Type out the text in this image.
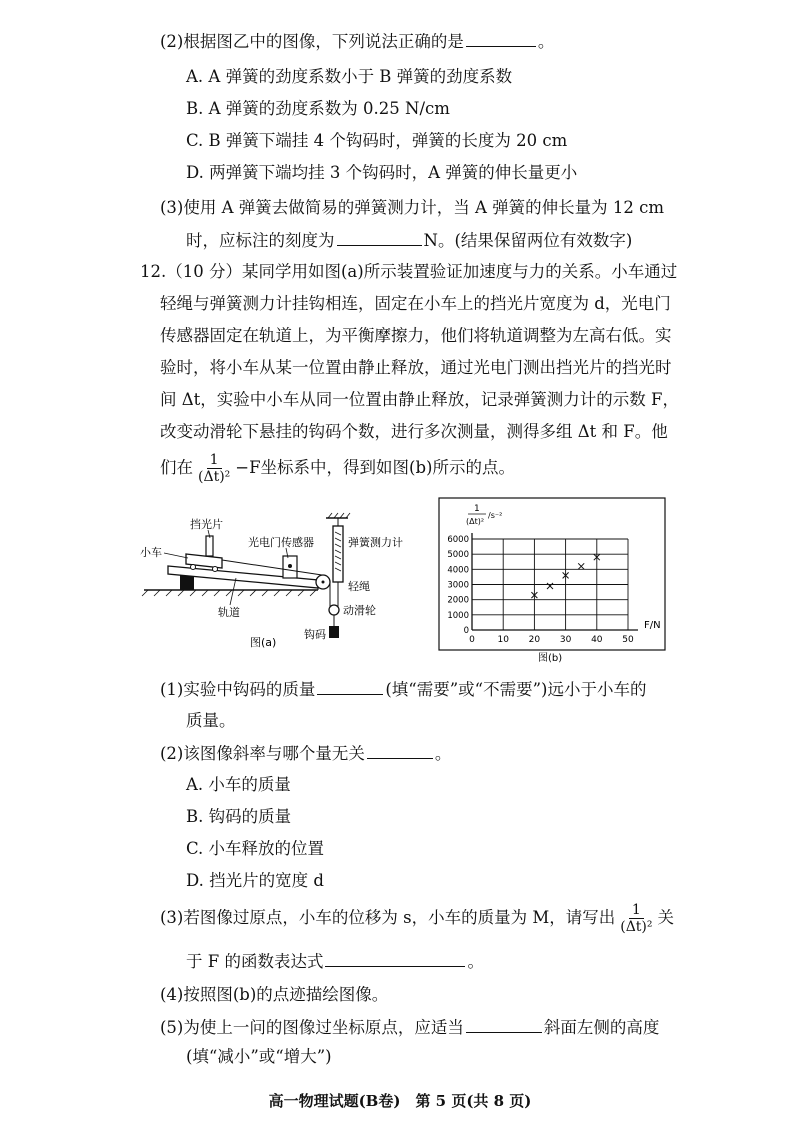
(2)根据图乙中的图像，下列说法正确的是	。
A. A 弹簧的劲度系数小于 B 弹簧的劲度系数
B. A 弹簧的劲度系数为 0.25 N/cm
C. B 弹簧下端挂 4 个钩码时，弹簧的长度为 20 cm
D. 两弹簧下端均挂 3 个钩码时，A 弹簧的伸长量更小
(3)使用 A 弹簧去做简易的弹簧测力计，当 A 弹簧的伸长量为 12 cm
时，应标注的刻度为	N。(结果保留两位有效数字)
12.（10 分）某同学用如图(a)所示装置验证加速度与力的关系。小车通过
轻绳与弹簧测力计挂钩相连，固定在小车上的挡光片宽度为 d，光电门
传感器固定在轨道上，为平衡摩擦力，他们将轨道调整为左高右低。实
验时，将小车从某一位置由静止释放，通过光电门测出挡光片的挡光时
间 Δt，实验中小车从同一位置由静止释放，记录弹簧测力计的示数 F，
改变动滑轮下悬挂的钩码个数，进行多次测量，测得多组 Δt 和 F。他
们在 $\frac{1}{\text{(Δt)²}} -F$坐标系中，得到如图(b)所示的点。
挡光片
小车
光电门传感器	弹簧测力计
轻绳
轨道	动滑轮
钩码
图(a)
1
(Δt)²
/s⁻²
F/N
图(b)
0
1000
2000
3000
4000
5000
6000
0	10 20 30 40 50
(1)实验中钩码的质量	(填“需要”或“不需要”)远小于小车的
质量。
(2)该图像斜率与哪个量无关	。
A. 小车的质量
B. 钩码的质量
C. 小车释放的位置
D. 挡光片的宽度 d
(3)若图像过原点，小车的位移为 s，小车的质量为 M，请写出 $\frac{1}{\text{(Δt)²}}$ 关
于 F 的函数表达式	。
(4)按照图(b)的点迹描绘图像。
(5)为使上一问的图像过坐标原点，应适当	斜面左侧的高度
(填“减小”或“增大”)
高一物理试题(B卷)　第 5 页(共 8 页)
